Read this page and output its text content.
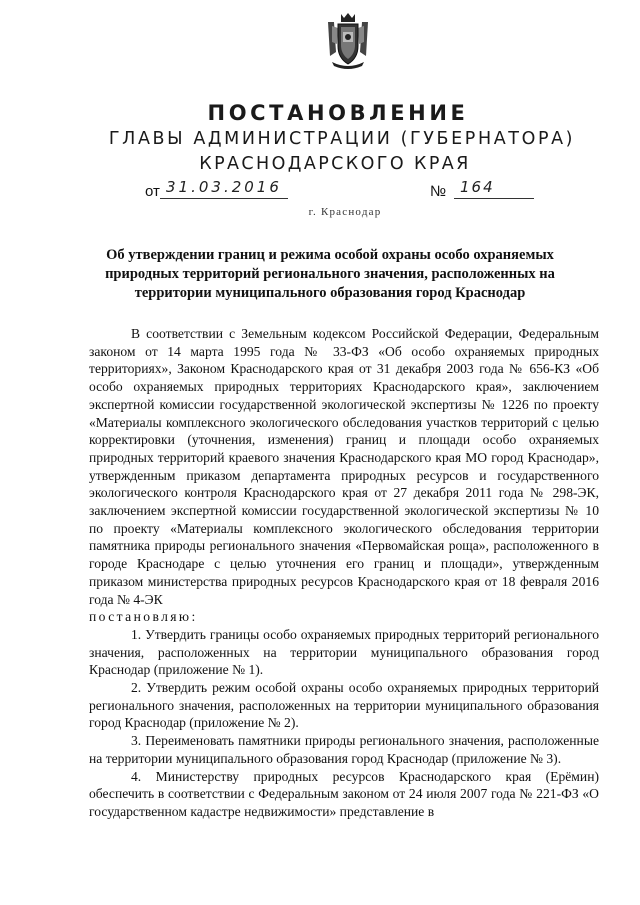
ПОСТАНОВЛЕНИЕ
ГЛАВЫ АДМИНИСТРАЦИИ (ГУБЕРНАТОРА)
КРАСНОДАРСКОГО КРАЯ
от 31.03.2016	№ 164
г. Краснодар
Об утверждении границ и режима особой охраны особо охраняемых природных территорий регионального значения, расположенных на территории муниципального образования город Краснодар

В соответствии с Земельным кодексом Российской Федерации, Федеральным законом от 14 марта 1995 года № 33-ФЗ «Об особо охраняемых природных территориях», Законом Краснодарского края от 31 декабря 2003 года № 656-КЗ «Об особо охраняемых природных территориях Краснодарского края», заключением экспертной комиссии государственной экологической экспертизы № 1226 по проекту «Материалы комплексного экологического обследования участков территорий с целью корректировки (уточнения, изменения) границ и площади особо охраняемых природных территорий краевого значения Краснодарского края МО город Краснодар», утвержденным приказом департамента природных ресурсов и государственного экологического контроля Краснодарского края от 27 декабря 2011 года № 298-ЭК, заключением экспертной комиссии государственной экологической экспертизы № 10 по проекту «Материалы комплексного экологического обследования территории памятника природы регионального значения «Первомайская роща», расположенного в городе Краснодаре с целью уточнения его границ и площади», утвержденным приказом министерства природных ресурсов Краснодарского края от 18 февраля 2016 года № 4-ЭК

постановляю:

1. Утвердить границы особо охраняемых природных территорий регионального значения, расположенных на территории муниципального образования город Краснодар (приложение № 1).

2. Утвердить режим особой охраны особо охраняемых природных территорий регионального значения, расположенных на территории муниципального образования город Краснодар (приложение № 2).

3. Переименовать памятники природы регионального значения, расположенные на территории муниципального образования город Краснодар (приложение № 3).

4. Министерству природных ресурсов Краснодарского края (Ерёмин) обеспечить в соответствии с Федеральным законом от 24 июля 2007 года № 221-ФЗ «О государственном кадастре недвижимости» представление в
